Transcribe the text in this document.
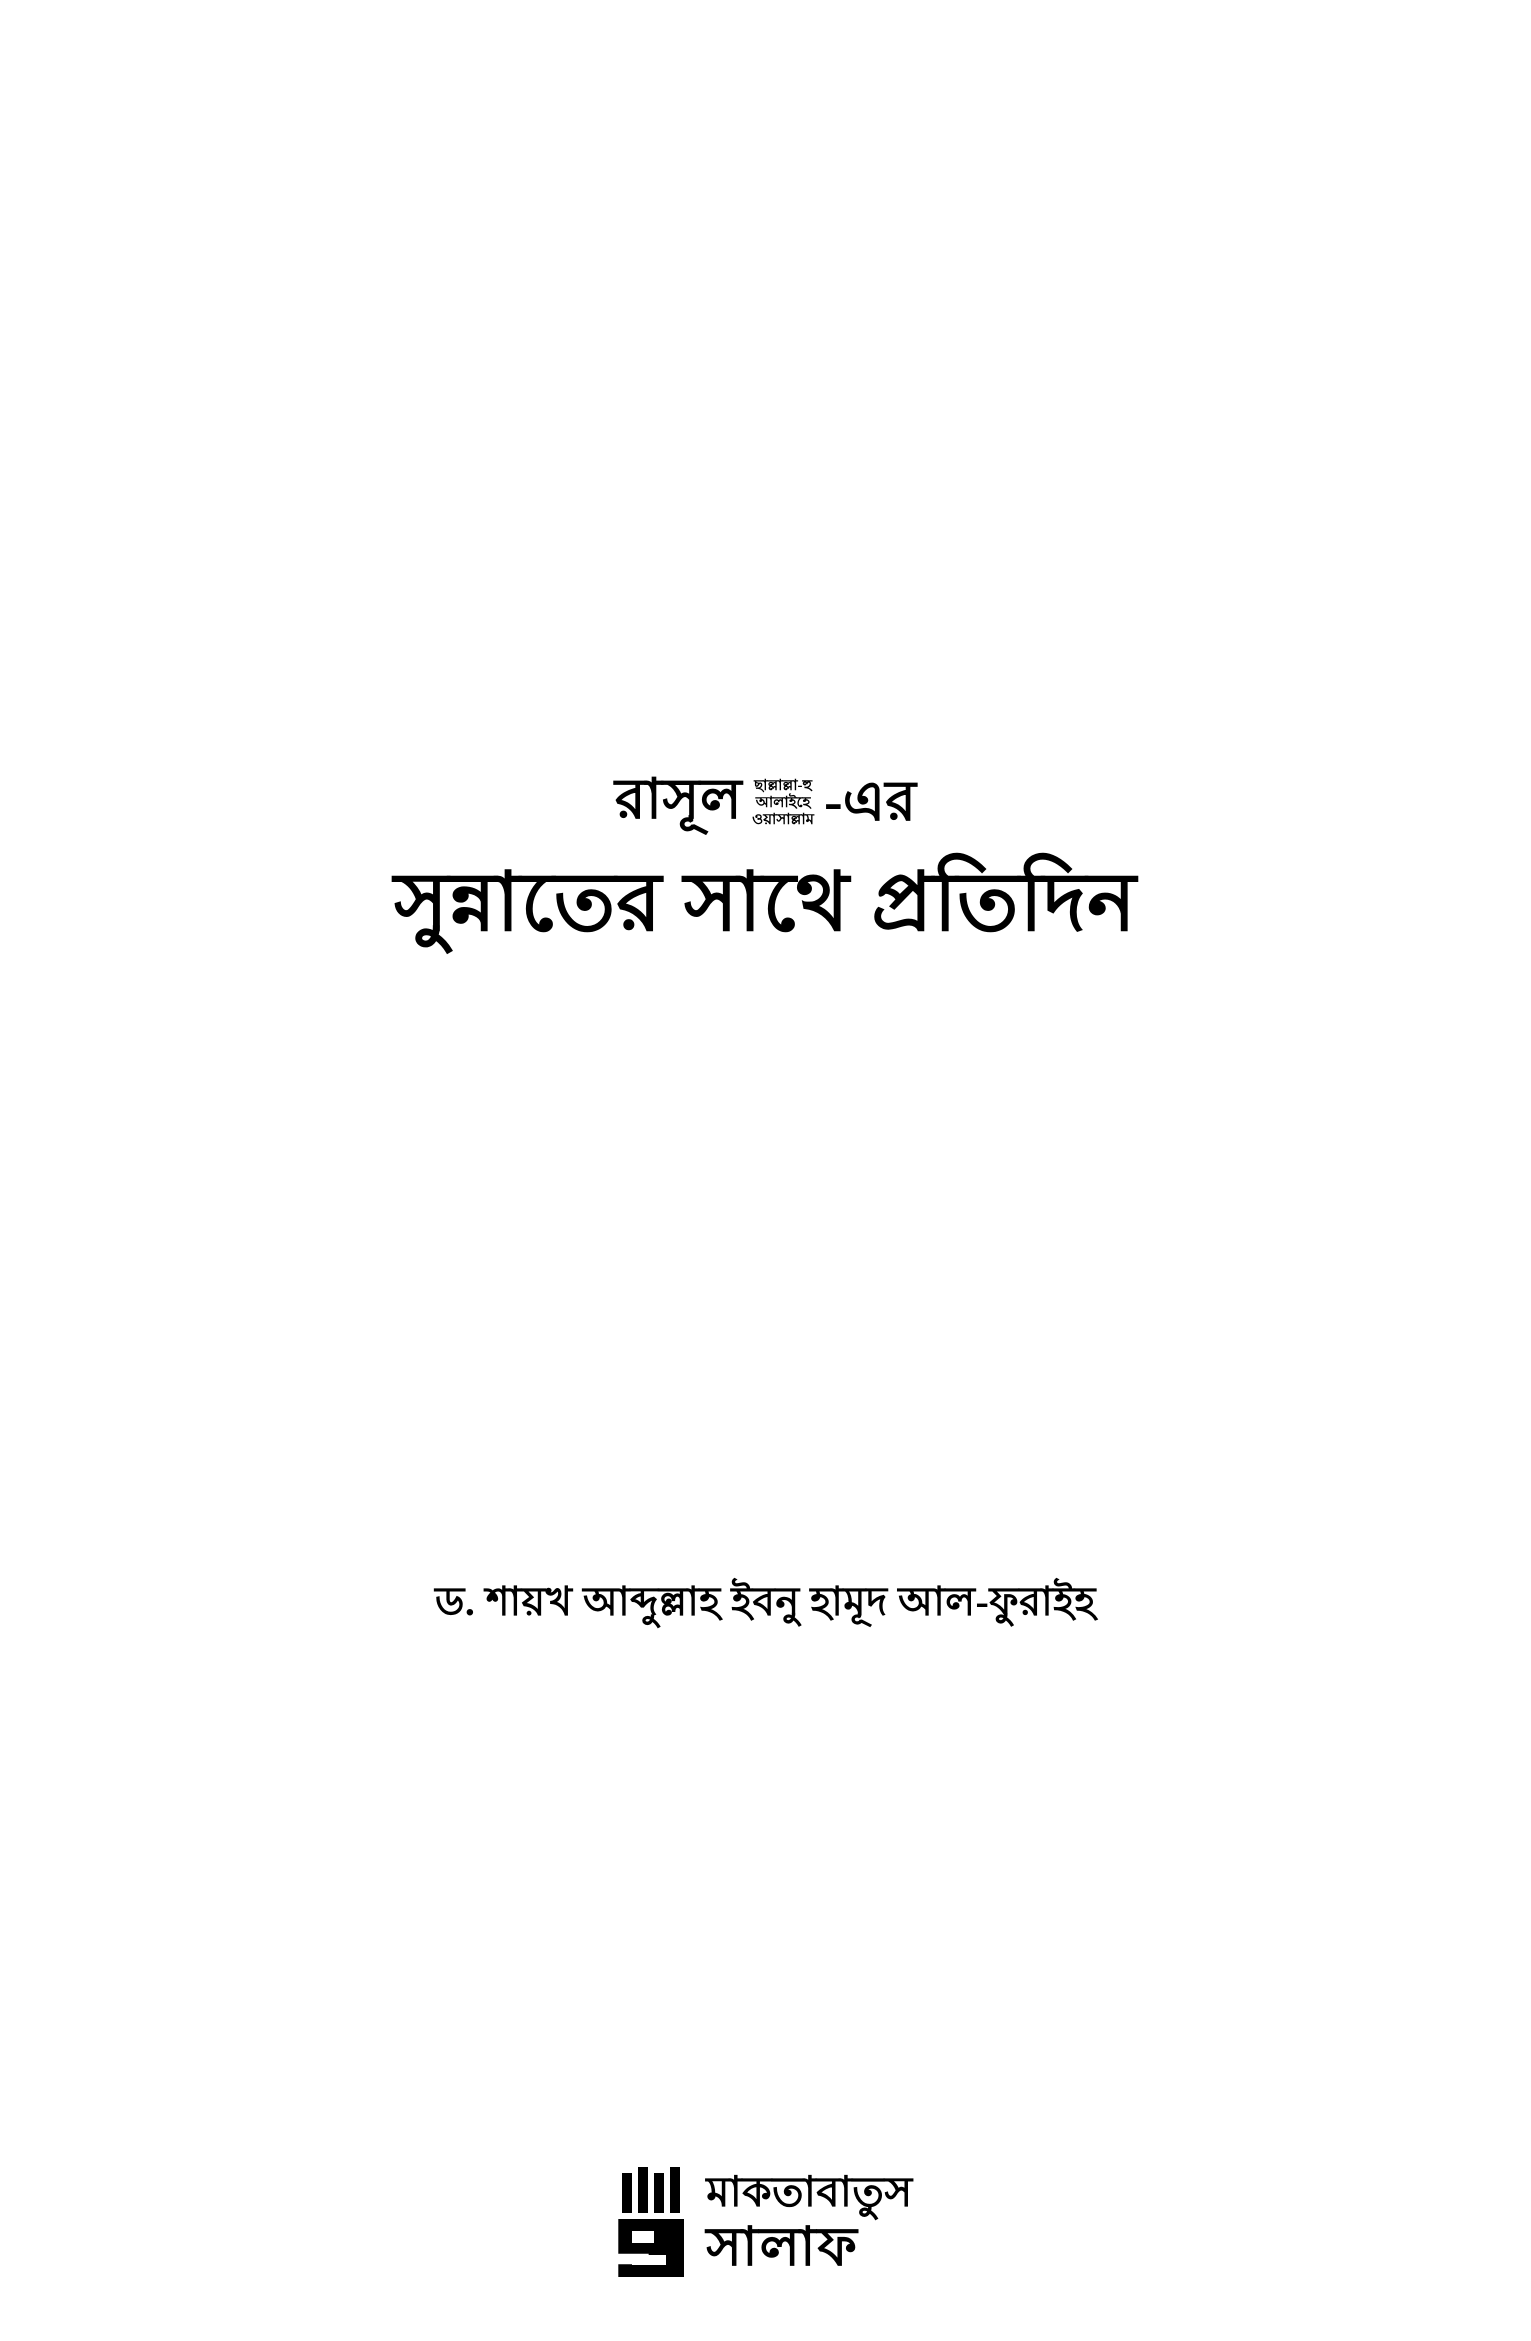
রাসূল ছাল্লাল্লা-হু
আলাইহে
ওয়াসাল্লাম -এর
সুন্নাতের সাথে প্রতিদিন
ড. শায়খ আব্দুল্লাহ ইবনু হামূদ আল-ফুরাইহ
মাকতাবাতুস
সালাফ
